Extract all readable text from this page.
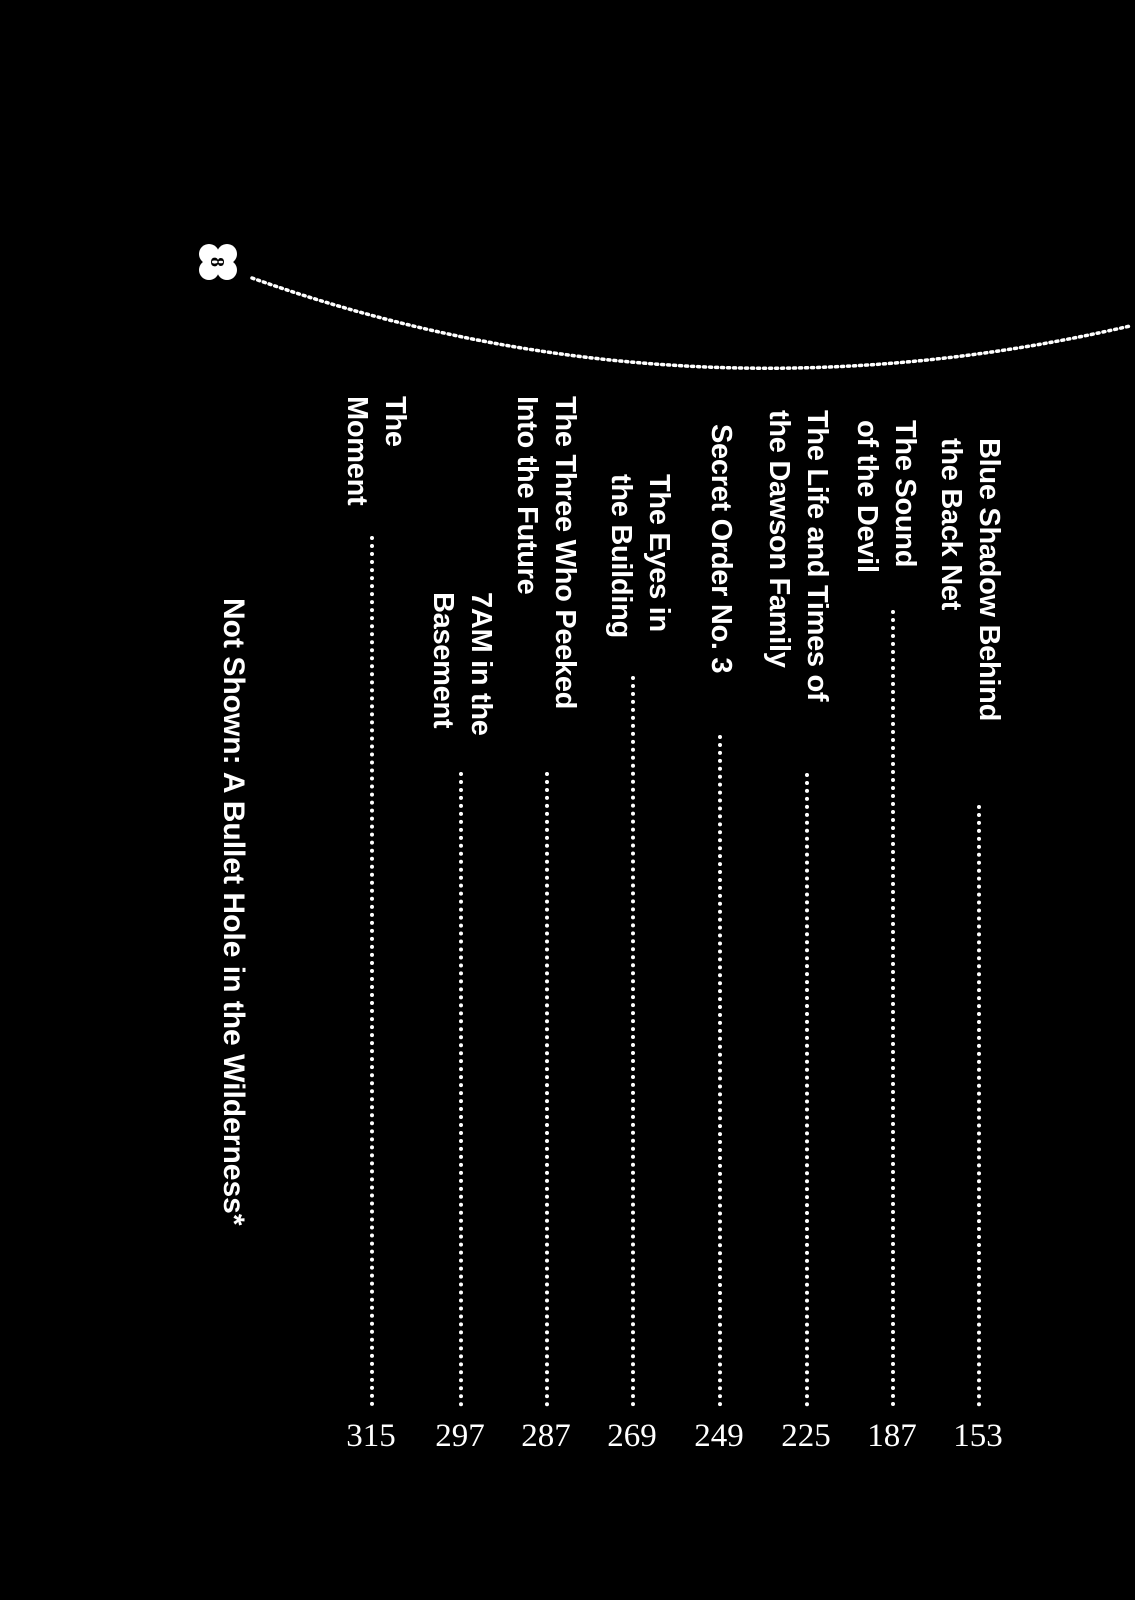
8
Blue Shadow Behind
the Back Net
153
The Sound
of the Devil
187
The Life and Times of
the Dawson Family
225
Secret Order No. 3
249
The Eyes in
the Building
269
The Three Who Peeked
Into the Future
287
7AM in the
Basement
297
The
Moment
315
Not Shown: A Bullet Hole in the Wilderness*
